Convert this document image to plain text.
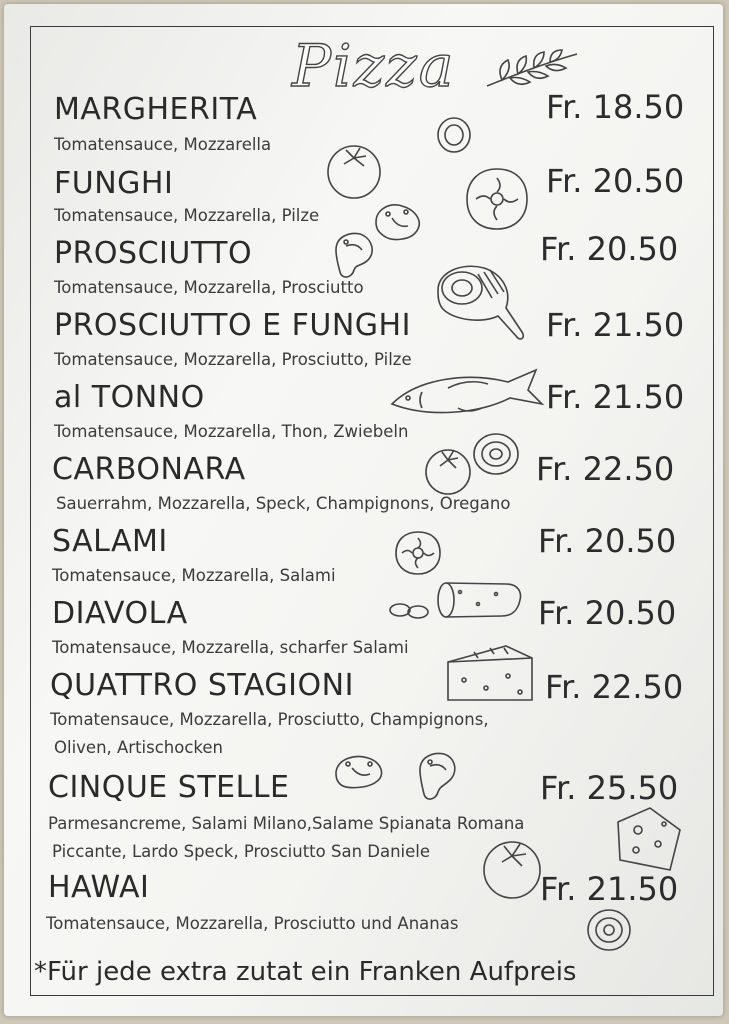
Pizza
MARGHERITA
Tomatensauce, Mozzarella
Fr. 18.50
FUNGHI
Tomatensauce, Mozzarella, Pilze
Fr. 20.50
PROSCIUTTO
Tomatensauce, Mozzarella, Prosciutto
Fr. 20.50
PROSCIUTTO E FUNGHI
Tomatensauce, Mozzarella, Prosciutto, Pilze
Fr. 21.50
al TONNO
Tomatensauce, Mozzarella, Thon, Zwiebeln
Fr. 21.50
CARBONARA
Sauerrahm, Mozzarella, Speck, Champignons, Oregano
Fr. 22.50
SALAMI
Tomatensauce, Mozzarella, Salami
Fr. 20.50
DIAVOLA
Tomatensauce, Mozzarella, scharfer Salami
Fr. 20.50
QUATTRO STAGIONI
Tomatensauce, Mozzarella, Prosciutto, Champignons,
Oliven, Artischocken
Fr. 22.50
CINQUE STELLE
Parmesancreme, Salami Milano,Salame Spianata Romana
Piccante, Lardo Speck, Prosciutto San Daniele
Fr. 25.50
HAWAI
Tomatensauce, Mozzarella, Prosciutto und Ananas
Fr. 21.50
*Für jede extra zutat ein Franken Aufpreis
